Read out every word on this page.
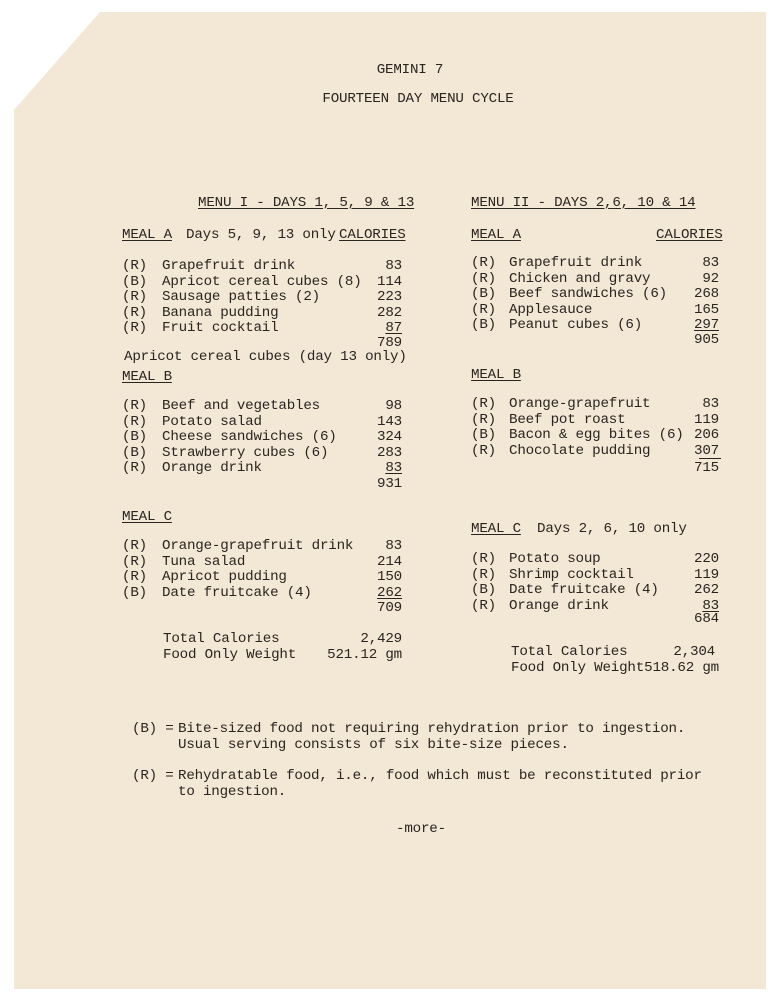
GEMINI 7
FOURTEEN DAY MENU CYCLE
MENU I - DAYS 1, 5, 9 & 13
MEAL A Days 5, 9, 13 only CALORIES
(R) Grapefruit drink	83
(B) Apricot cereal cubes (8)	114
(R) Sausage patties (2)	223
(R) Banana pudding	282
(R) Fruit cocktail	87
789
Apricot cereal cubes (day 13 only)
MEAL B
(R) Beef and vegetables	98
(R) Potato salad	143
(B) Cheese sandwiches (6)	324
(B) Strawberry cubes (6)	283
(R) Orange drink	83
931
MEAL C
(R) Orange-grapefruit drink	83
(R) Tuna salad	214
(R) Apricot pudding	150
(B) Date fruitcake (4)	262
709
Total Calories	2,429
Food Only Weight	521.12 gm
MENU II - DAYS 2,6, 10 & 14
MEAL A	CALORIES
(R) Grapefruit drink	83
(R) Chicken and gravy	92
(B) Beef sandwiches (6)	268
(R) Applesauce	165
(B) Peanut cubes (6)	297
905
MEAL B
(R) Orange-grapefruit	83
(R) Beef pot roast	119
(B) Bacon & egg bites (6) 206
(R) Chocolate pudding	307
715
MEAL C Days 2, 6, 10 only
(R) Potato soup	220
(R) Shrimp cocktail	119
(B) Date fruitcake (4)	262
(R) Orange drink	83
684
Total Calories	2,304
Food Only Weight 518.62 gm
(B) = Bite-sized food not requiring rehydration prior to ingestion.
Usual serving consists of six bite-size pieces.
(R) = Rehydratable food, i.e., food which must be reconstituted prior
to ingestion.
-more-
